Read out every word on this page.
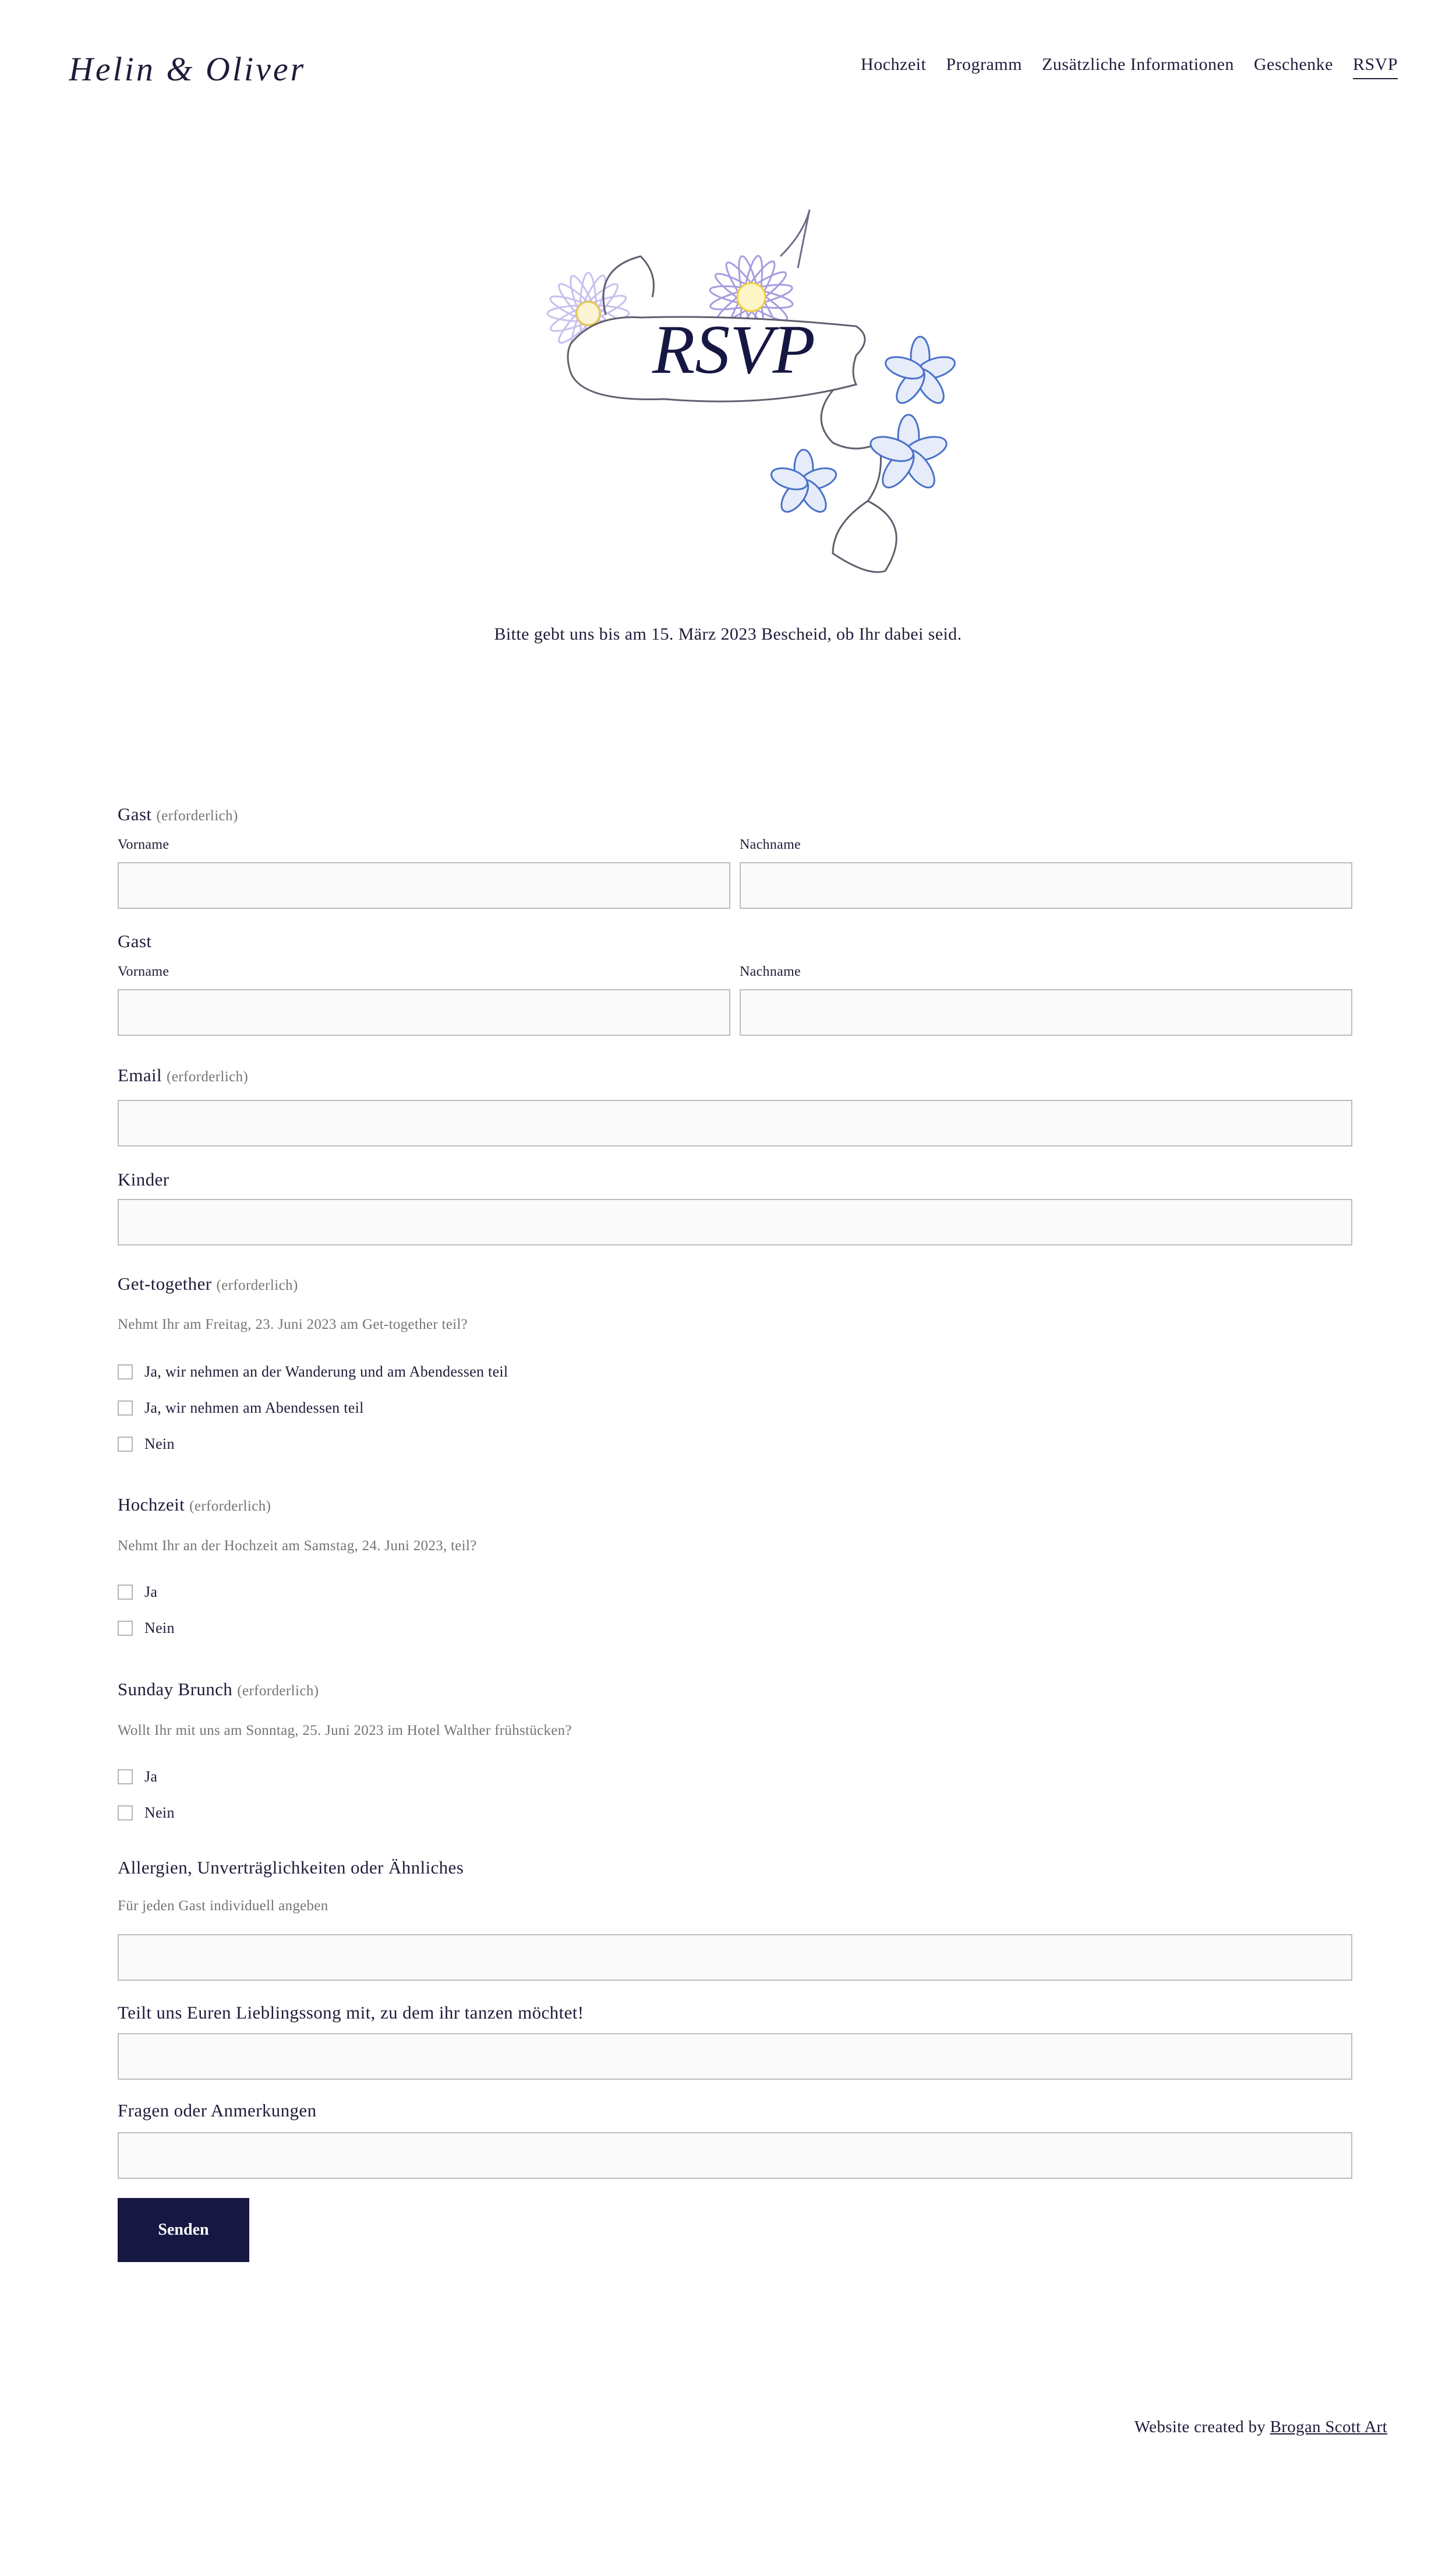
Helin & Oliver	Hochzeit Programm Zusätzliche Informationen Geschenke RSVP
RSVP
Bitte gebt uns bis am 15. März 2023 Bescheid, ob Ihr dabei seid.
Gast (erforderlich)
Vorname	Nachname
Gast
Vorname	Nachname
Email (erforderlich)
Kinder
Get-together (erforderlich)
Nehmt Ihr am Freitag, 23. Juni 2023 am Get-together teil?
Ja, wir nehmen an der Wanderung und am Abendessen teil
Ja, wir nehmen am Abendessen teil
Nein
Hochzeit (erforderlich)
Nehmt Ihr an der Hochzeit am Samstag, 24. Juni 2023, teil?
Ja
Nein
Sunday Brunch (erforderlich)
Wollt Ihr mit uns am Sonntag, 25. Juni 2023 im Hotel Walther frühstücken?
Ja
Nein
Allergien, Unverträglichkeiten oder Ähnliches
Für jeden Gast individuell angeben
Teilt uns Euren Lieblingssong mit, zu dem ihr tanzen möchtet!
Fragen oder Anmerkungen
Senden
Website created by Brogan Scott Art
